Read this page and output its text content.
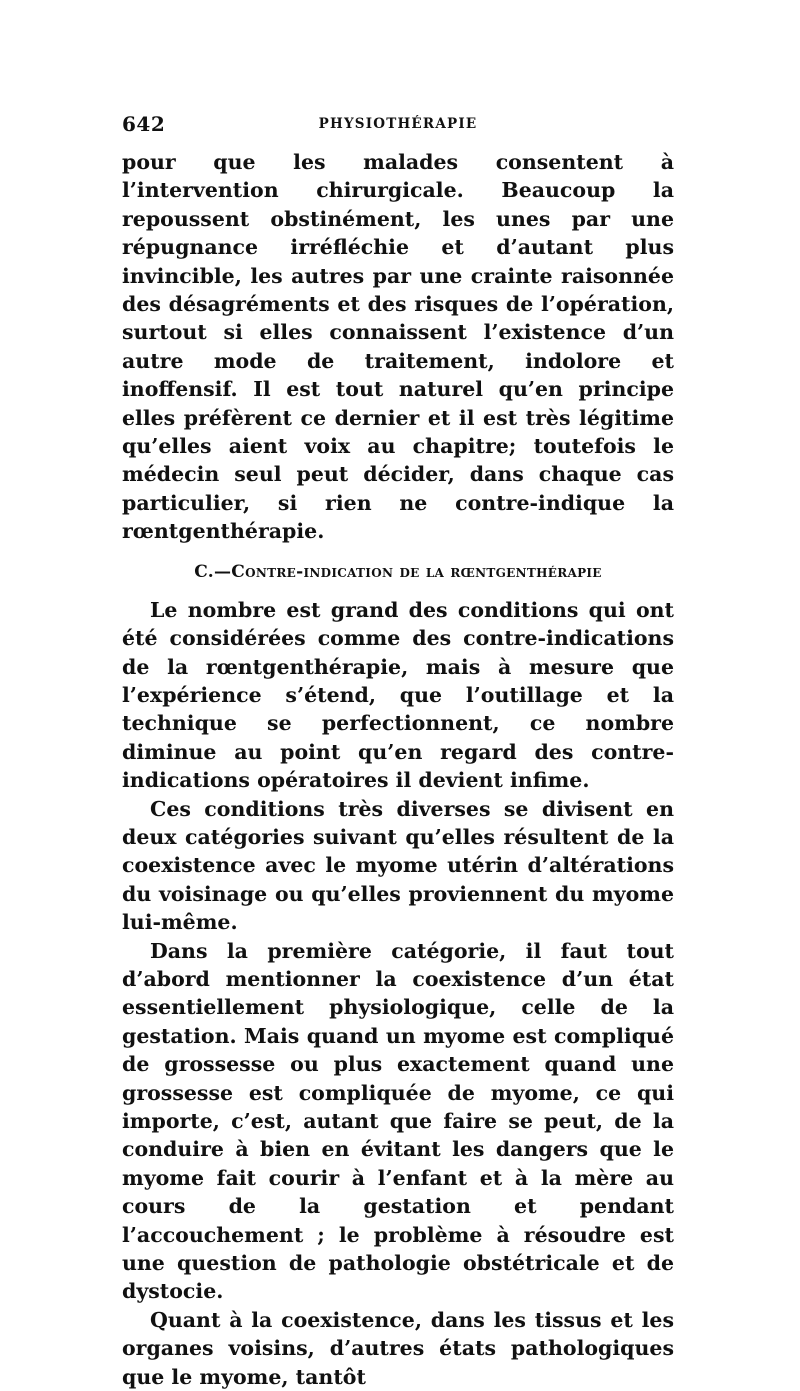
642	PHYSIOTHÉRAPIE

pour que les malades consentent à l’intervention chirurgicale. Beaucoup la repoussent obstinément, les unes par une répugnance irréfléchie et d’autant plus invincible, les autres par une crainte raisonnée des désagréments et des risques de l’opération, surtout si elles connaissent l’existence d’un autre mode de traitement, indolore et inoffensif. Il est tout naturel qu’en principe elles préfèrent ce dernier et il est très légitime qu’elles aient voix au chapitre; toutefois le médecin seul peut décider, dans chaque cas particulier, si rien ne contre-indique la rœntgenthérapie.

C.—Contre-indication de la rœntgenthérapie

Le nombre est grand des conditions qui ont été considérées comme des contre-indications de la rœntgenthérapie, mais à mesure que l’expérience s’étend, que l’outillage et la technique se perfectionnent, ce nombre diminue au point qu’en regard des contre-indications opératoires il devient infime.

Ces conditions très diverses se divisent en deux catégories suivant qu’elles résultent de la coexistence avec le myome utérin d’altérations du voisinage ou qu’elles proviennent du myome lui-même.

Dans la première catégorie, il faut tout d’abord mentionner la coexistence d’un état essentiellement physiologique, celle de la gestation. Mais quand un myome est compliqué de grossesse ou plus exactement quand une grossesse est compliquée de myome, ce qui importe, c’est, autant que faire se peut, de la conduire à bien en évitant les dangers que le myome fait courir à l’enfant et à la mère au cours de la gestation et pendant l’accouchement ; le problème à résoudre est une question de pathologie obstétricale et de dystocie.

Quant à la coexistence, dans les tissus et les organes voisins, d’autres états pathologiques que le myome, tantôt
